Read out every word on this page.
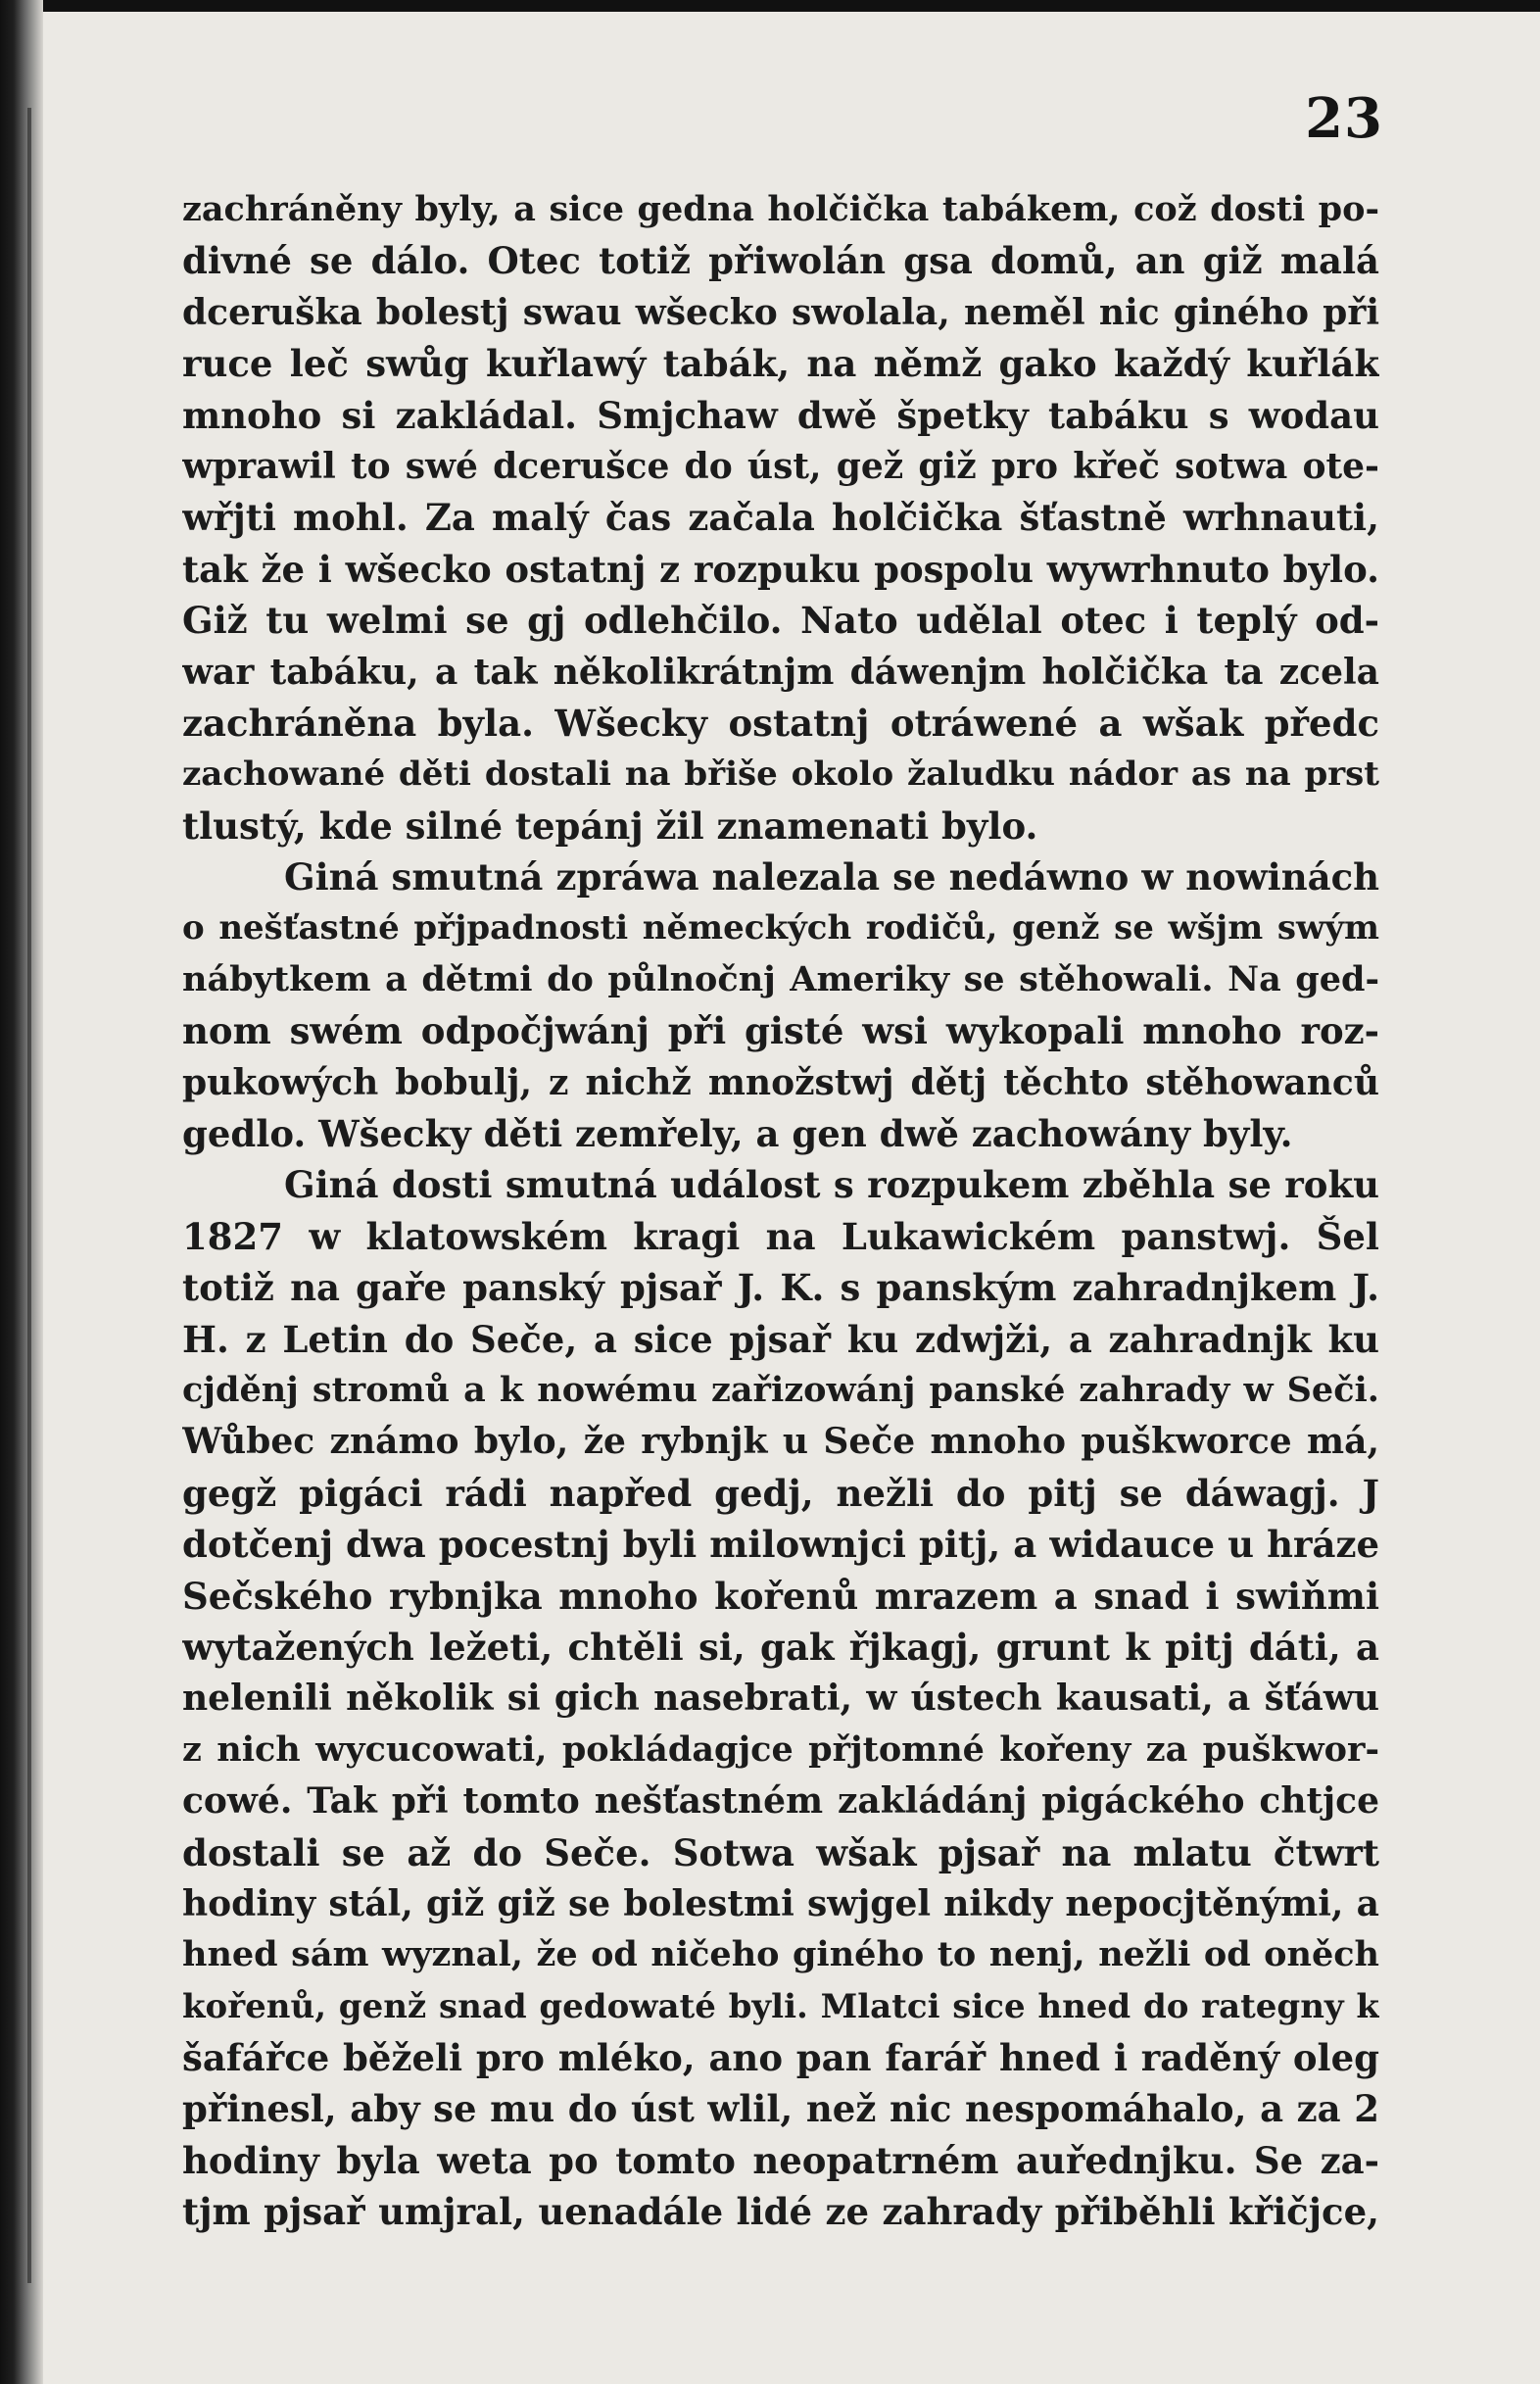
23
zachráněny byly, a sice gedna holčička tabákem, což dosti po-
divné se dálo. Otec totiž přiwolán gsa domů, an giž malá
dceruška bolestj swau wšecko swolala, neměl nic giného při
ruce leč swůg kuřlawý tabák, na němž gako každý kuřlák
mnoho si zakládal. Smjchaw dwě špetky tabáku s wodau
wprawil to swé dcerušce do úst, gež giž pro křeč sotwa ote-
wřjti mohl. Za malý čas začala holčička šťastně wrhnauti,
tak že i wšecko ostatnj z rozpuku pospolu wywrhnuto bylo.
Giž tu welmi se gj odlehčilo. Nato udělal otec i teplý od-
war tabáku, a tak několikrátnjm dáwenjm holčička ta zcela
zachráněna byla. Wšecky ostatnj otráwené a wšak předc
zachowané děti dostali na břiše okolo žaludku nádor as na prst
tlustý, kde silné tepánj žil znamenati bylo.
Giná smutná zpráwa nalezala se nedáwno w nowinách
o nešťastné přjpadnosti německých rodičů, genž se wšjm swým
nábytkem a dětmi do půlnočnj Ameriky se stěhowali. Na ged-
nom swém odpočjwánj při gisté wsi wykopali mnoho roz-
pukowých bobulj, z nichž množstwj dětj těchto stěhowanců
gedlo. Wšecky děti zemřely, a gen dwě zachowány byly.
Giná dosti smutná událost s rozpukem zběhla se roku
1827 w klatowském kragi na Lukawickém panstwj. Šel
totiž na gaře panský pjsař J. K. s panským zahradnjkem J.
H. z Letin do Seče, a sice pjsař ku zdwjži, a zahradnjk ku
cjděnj stromů a k nowému zařizowánj panské zahrady w Seči.
Wůbec známo bylo, že rybnjk u Seče mnoho puškworce má,
gegž pigáci rádi napřed gedj, nežli do pitj se dáwagj. J
dotčenj dwa pocestnj byli milownjci pitj, a widauce u hráze
Sečského rybnjka mnoho kořenů mrazem a snad i swiňmi
wytažených ležeti, chtěli si, gak řjkagj, grunt k pitj dáti, a
nelenili několik si gich nasebrati, w ústech kausati, a šťáwu
z nich wycucowati, pokládagjce přjtomné kořeny za puškwor-
cowé. Tak při tomto nešťastném zakládánj pigáckého chtjce
dostali se až do Seče. Sotwa wšak pjsař na mlatu čtwrt
hodiny stál, giž giž se bolestmi swjgel nikdy nepocjtěnými, a
hned sám wyznal, že od ničeho giného to nenj, nežli od oněch
kořenů, genž snad gedowaté byli. Mlatci sice hned do rategny k
šafářce běželi pro mléko, ano pan farář hned i raděný oleg
přinesl, aby se mu do úst wlil, než nic nespomáhalo, a za 2
hodiny byla weta po tomto neopatrném auřednjku. Se za-
tjm pjsař umjral, uenadále lidé ze zahrady přiběhli křičjce,
